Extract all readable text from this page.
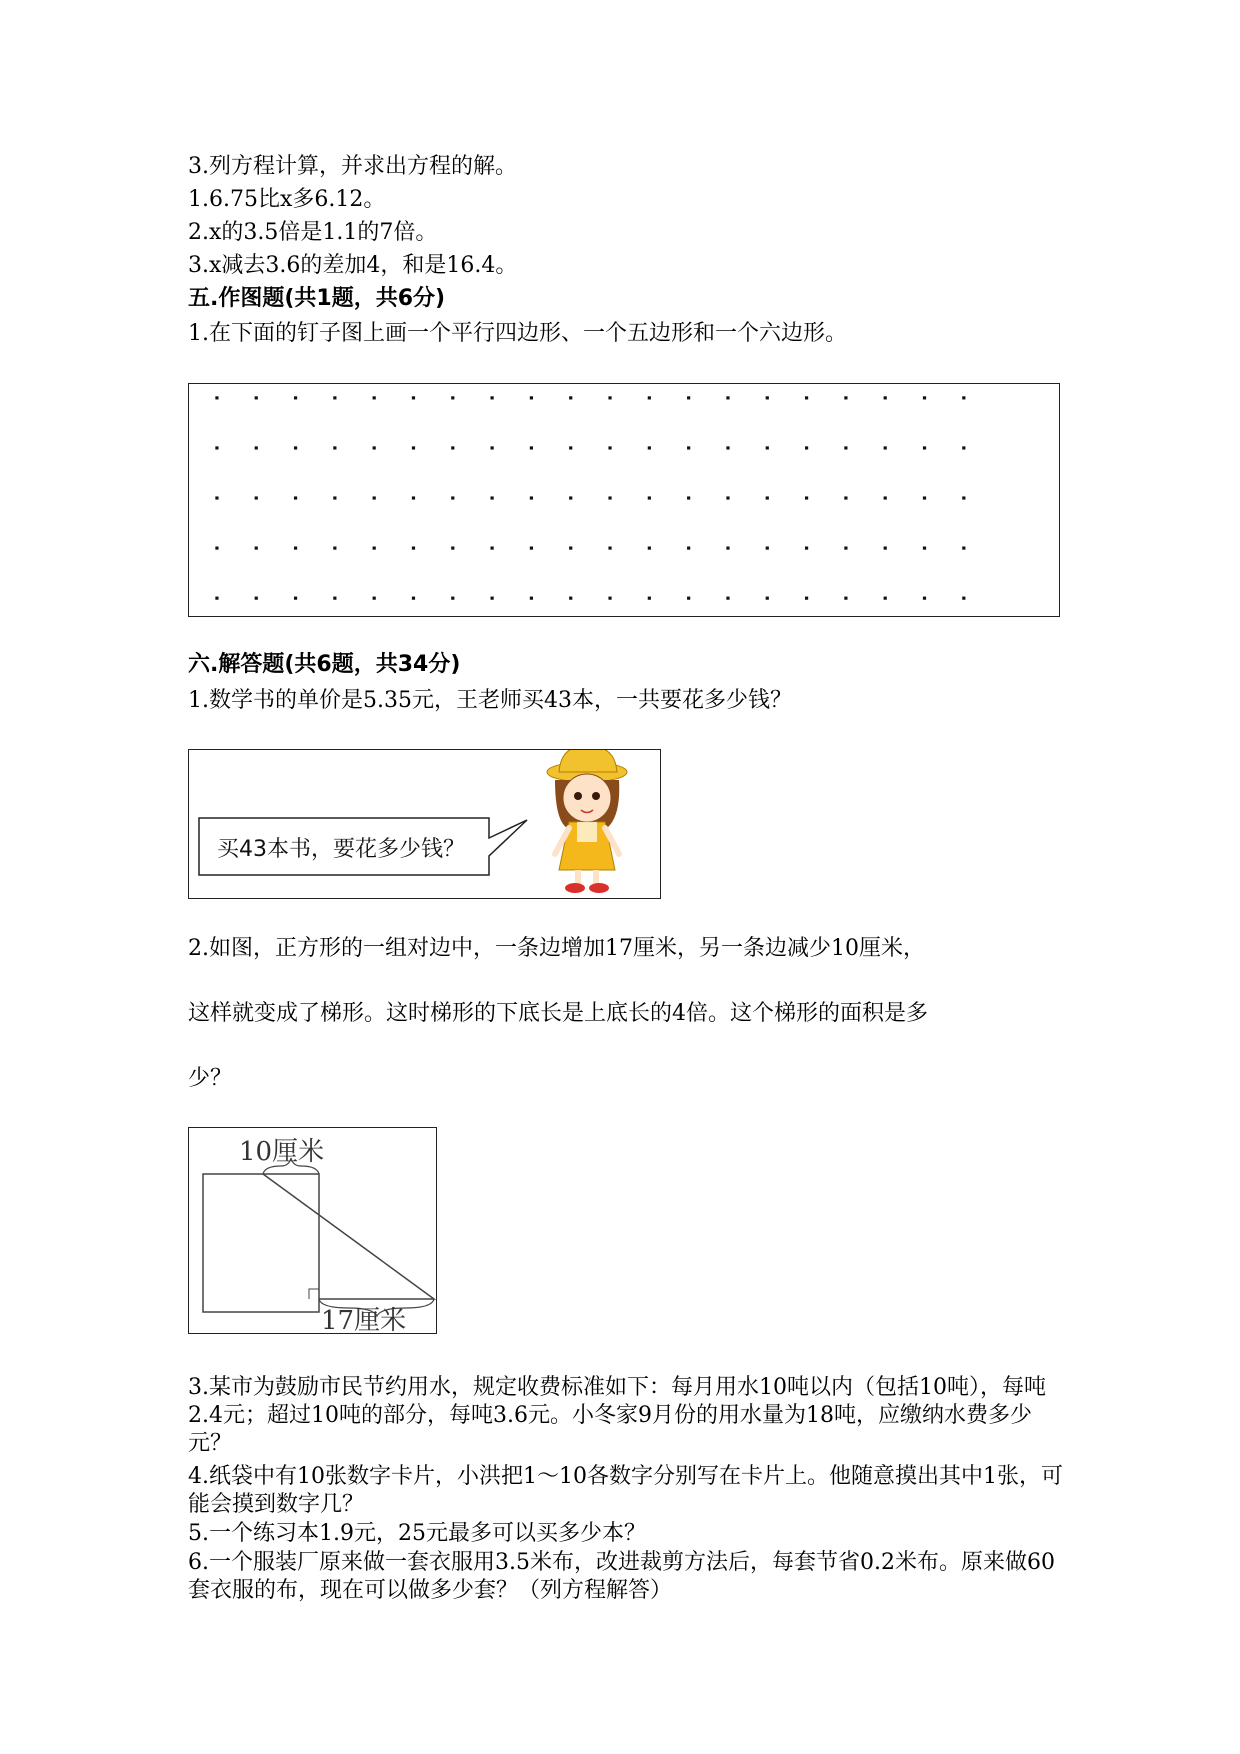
3.列方程计算，并求出方程的解。
1.6.75比x多6.12。
2.x的3.5倍是1.1的7倍。
3.x减去3.6的差加4，和是16.4。
五.作图题(共1题，共6分)
1.在下面的钉子图上画一个平行四边形、一个五边形和一个六边形。
六.解答题(共6题，共34分)
1.数学书的单价是5.35元，王老师买43本，一共要花多少钱？
买43本书，要花多少钱？
2.如图，正方形的一组对边中，一条边增加17厘米，另一条边减少10厘米，
这样就变成了梯形。这时梯形的下底长是上底长的4倍。这个梯形的面积是多
少？
10厘米
17厘米
3.某市为鼓励市民节约用水，规定收费标准如下：每月用水10吨以内（包括10吨），每吨2.4元；超过10吨的部分，每吨3.6元。小冬家9月份的用水量为18吨，应缴纳水费多少元？
4.纸袋中有10张数字卡片，小洪把1～10各数字分别写在卡片上。他随意摸出其中1张，可能会摸到数字几？
5.一个练习本1.9元，25元最多可以买多少本？
6.一个服装厂原来做一套衣服用3.5米布，改进裁剪方法后，每套节省0.2米布。原来做60套衣服的布，现在可以做多少套？（列方程解答）
